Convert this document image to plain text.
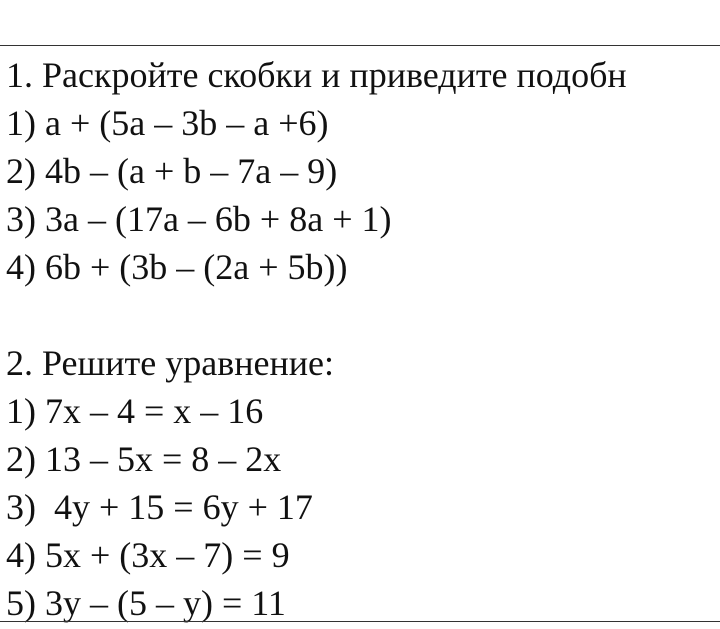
1. Раскройте скобки и приведите подобн
1) a + (5a – 3b – a +6)
2) 4b – (a + b – 7a – 9)
3) 3a – (17a – 6b + 8a + 1)
4) 6b + (3b – (2a + 5b))
2. Решите уравнение:
1) 7x – 4 = x – 16
2) 13 – 5x = 8 – 2x
3)  4y + 15 = 6y + 17
4) 5x + (3x – 7) = 9
5) 3y – (5 – y) = 11
